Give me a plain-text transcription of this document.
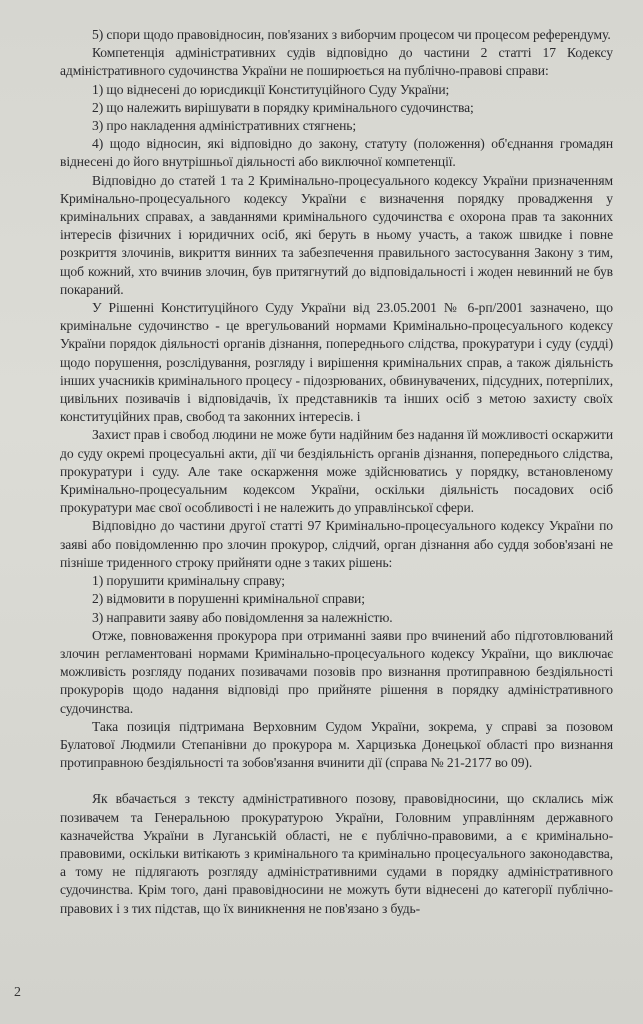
5) спори щодо правовідносин, пов'язаних з виборчим процесом чи процесом референдуму.

Компетенція адміністративних судів відповідно до частини 2 статті 17 Кодексу адміністративного судочинства України не поширюється на публічно-правові справи:

1) що віднесені до юрисдикції Конституційного Суду України;

2) що належить вирішувати в порядку кримінального судочинства;

3) про накладення адміністративних стягнень;

4) щодо відносин, які відповідно до закону, статуту (положення) об'єднання громадян віднесені до його внутрішньої діяльності або виключної компетенції.

Відповідно до статей 1 та 2 Кримінально-процесуального кодексу України призначенням Кримінально-процесуального кодексу України є визначення порядку провадження у кримінальних справах, а завданнями кримінального судочинства є охорона прав та законних інтересів фізичних і юридичних осіб, які беруть в ньому участь, а також швидке і повне розкриття злочинів, викриття винних та забезпечення правильного застосування Закону з тим, щоб кожний, хто вчинив злочин, був притягнутий до відповідальності і жоден невинний не був покараний.

У Рішенні Конституційного Суду України від 23.05.2001 № 6-рп/2001 зазначено, що кримінальне судочинство - це врегульований нормами Кримінально-процесуального кодексу України порядок діяльності органів дізнання, попереднього слідства, прокуратури і суду (судді) щодо порушення, розслідування, розгляду і вирішення кримінальних справ, а також діяльність інших учасників кримінального процесу - підозрюваних, обвинувачених, підсудних, потерпілих, цивільних позивачів і відповідачів, їх представників та інших осіб з метою захисту своїх конституційних прав, свобод та законних інтересів. і

Захист прав і свобод людини не може бути надійним без надання їй можливості оскаржити до суду окремі процесуальні акти, дії чи бездіяльність органів дізнання, попереднього слідства, прокуратури і суду. Але таке оскарження може здійснюватись у порядку, встановленому Кримінально-процесуальним кодексом України, оскільки діяльність посадових осіб прокуратури має свої особливості і не належить до управлінської сфери.

Відповідно до частини другої статті 97 Кримінально-процесуального кодексу України по заяві або повідомленню про злочин прокурор, слідчий, орган дізнання або суддя зобов'язані не пізніше триденного строку прийняти одне з таких рішень:

1) порушити кримінальну справу;

2) відмовити в порушенні кримінальної справи;

3) направити заяву або повідомлення за належністю.

Отже, повноваження прокурора при отриманні заяви про вчинений або підготовлюваний злочин регламентовані нормами Кримінально-процесуального кодексу України, що виключає можливість розгляду поданих позивачами позовів про визнання протиправною бездіяльності прокурорів щодо надання відповіді про прийняте рішення в порядку адміністративного судочинства.

Така позиція підтримана Верховним Судом України, зокрема, у справі за позовом Булатової Людмили Степанівни до прокурора м. Харцизька Донецької області про визнання протиправною бездіяльності та зобов'язання вчинити дії (справа № 21-2177 во 09).

Як вбачається з тексту адміністративного позову, правовідносини, що склались між позивачем та Генеральною прокуратурою України, Головним управлінням державного казначейства України в Луганській області, не є публічно-правовими, а є кримінально-правовими, оскільки витікають з кримінального та кримінально процесуального законодавства, а тому не підлягають розгляду адміністративними судами в порядку адміністративного судочинства. Крім того, дані правовідносини не можуть бути віднесені до категорії публічно-правових і з тих підстав, що їх виникнення не пов'язано з будь-

2
